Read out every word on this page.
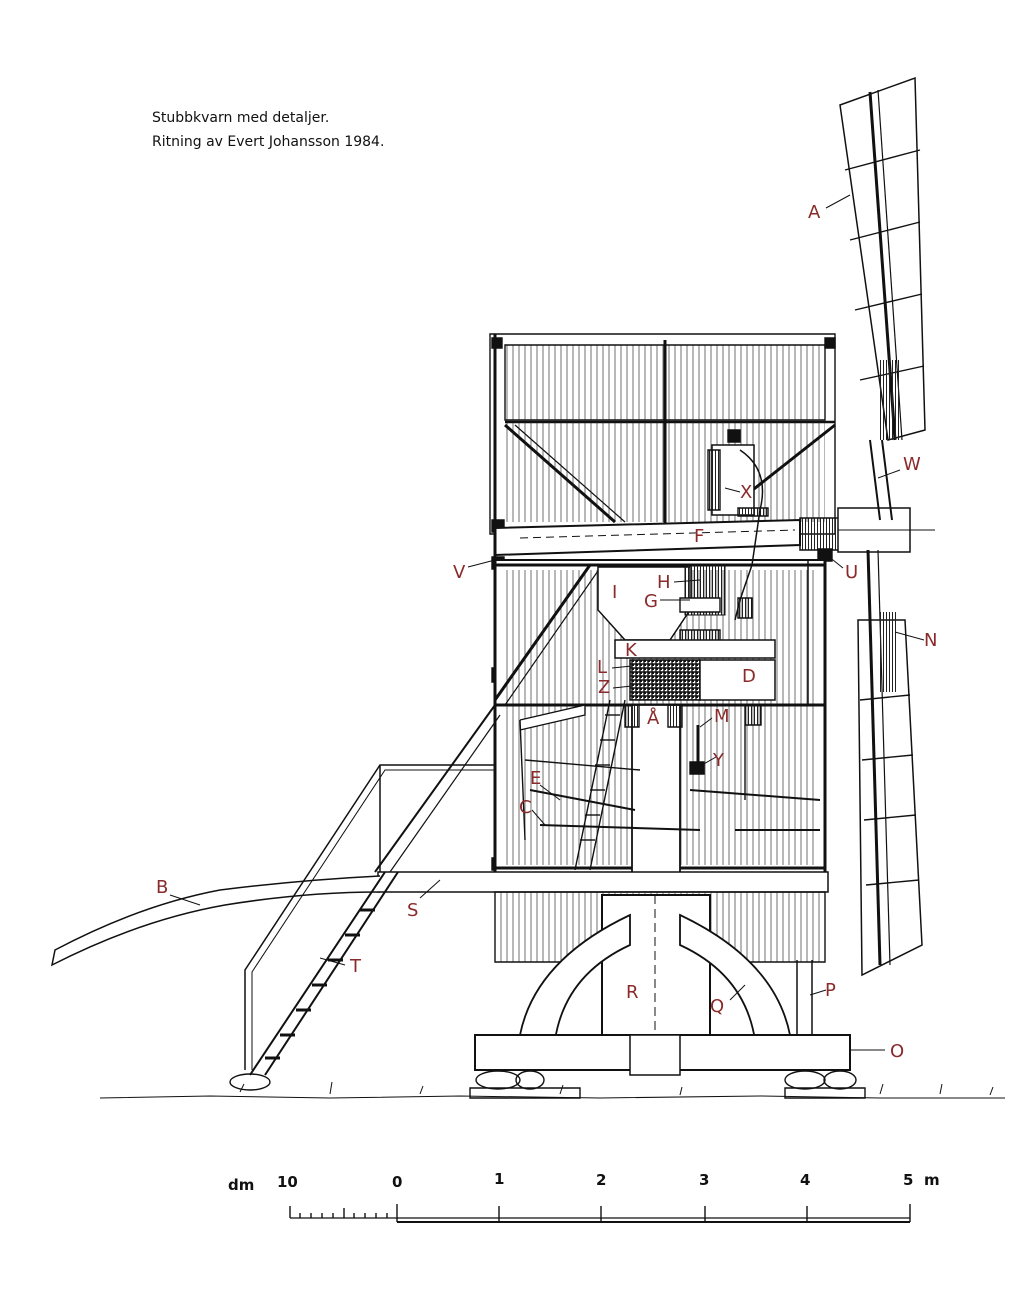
Stubbkvarn med detaljer.
Ritning av Evert Johansson 1984.
A
W
X
F
V	U
I H
G
N
K
L	D
Z
Å	M
Y
E
C
B
S
T
R	P
Q
O
dm 10	0	1	2	3	4	5 m
